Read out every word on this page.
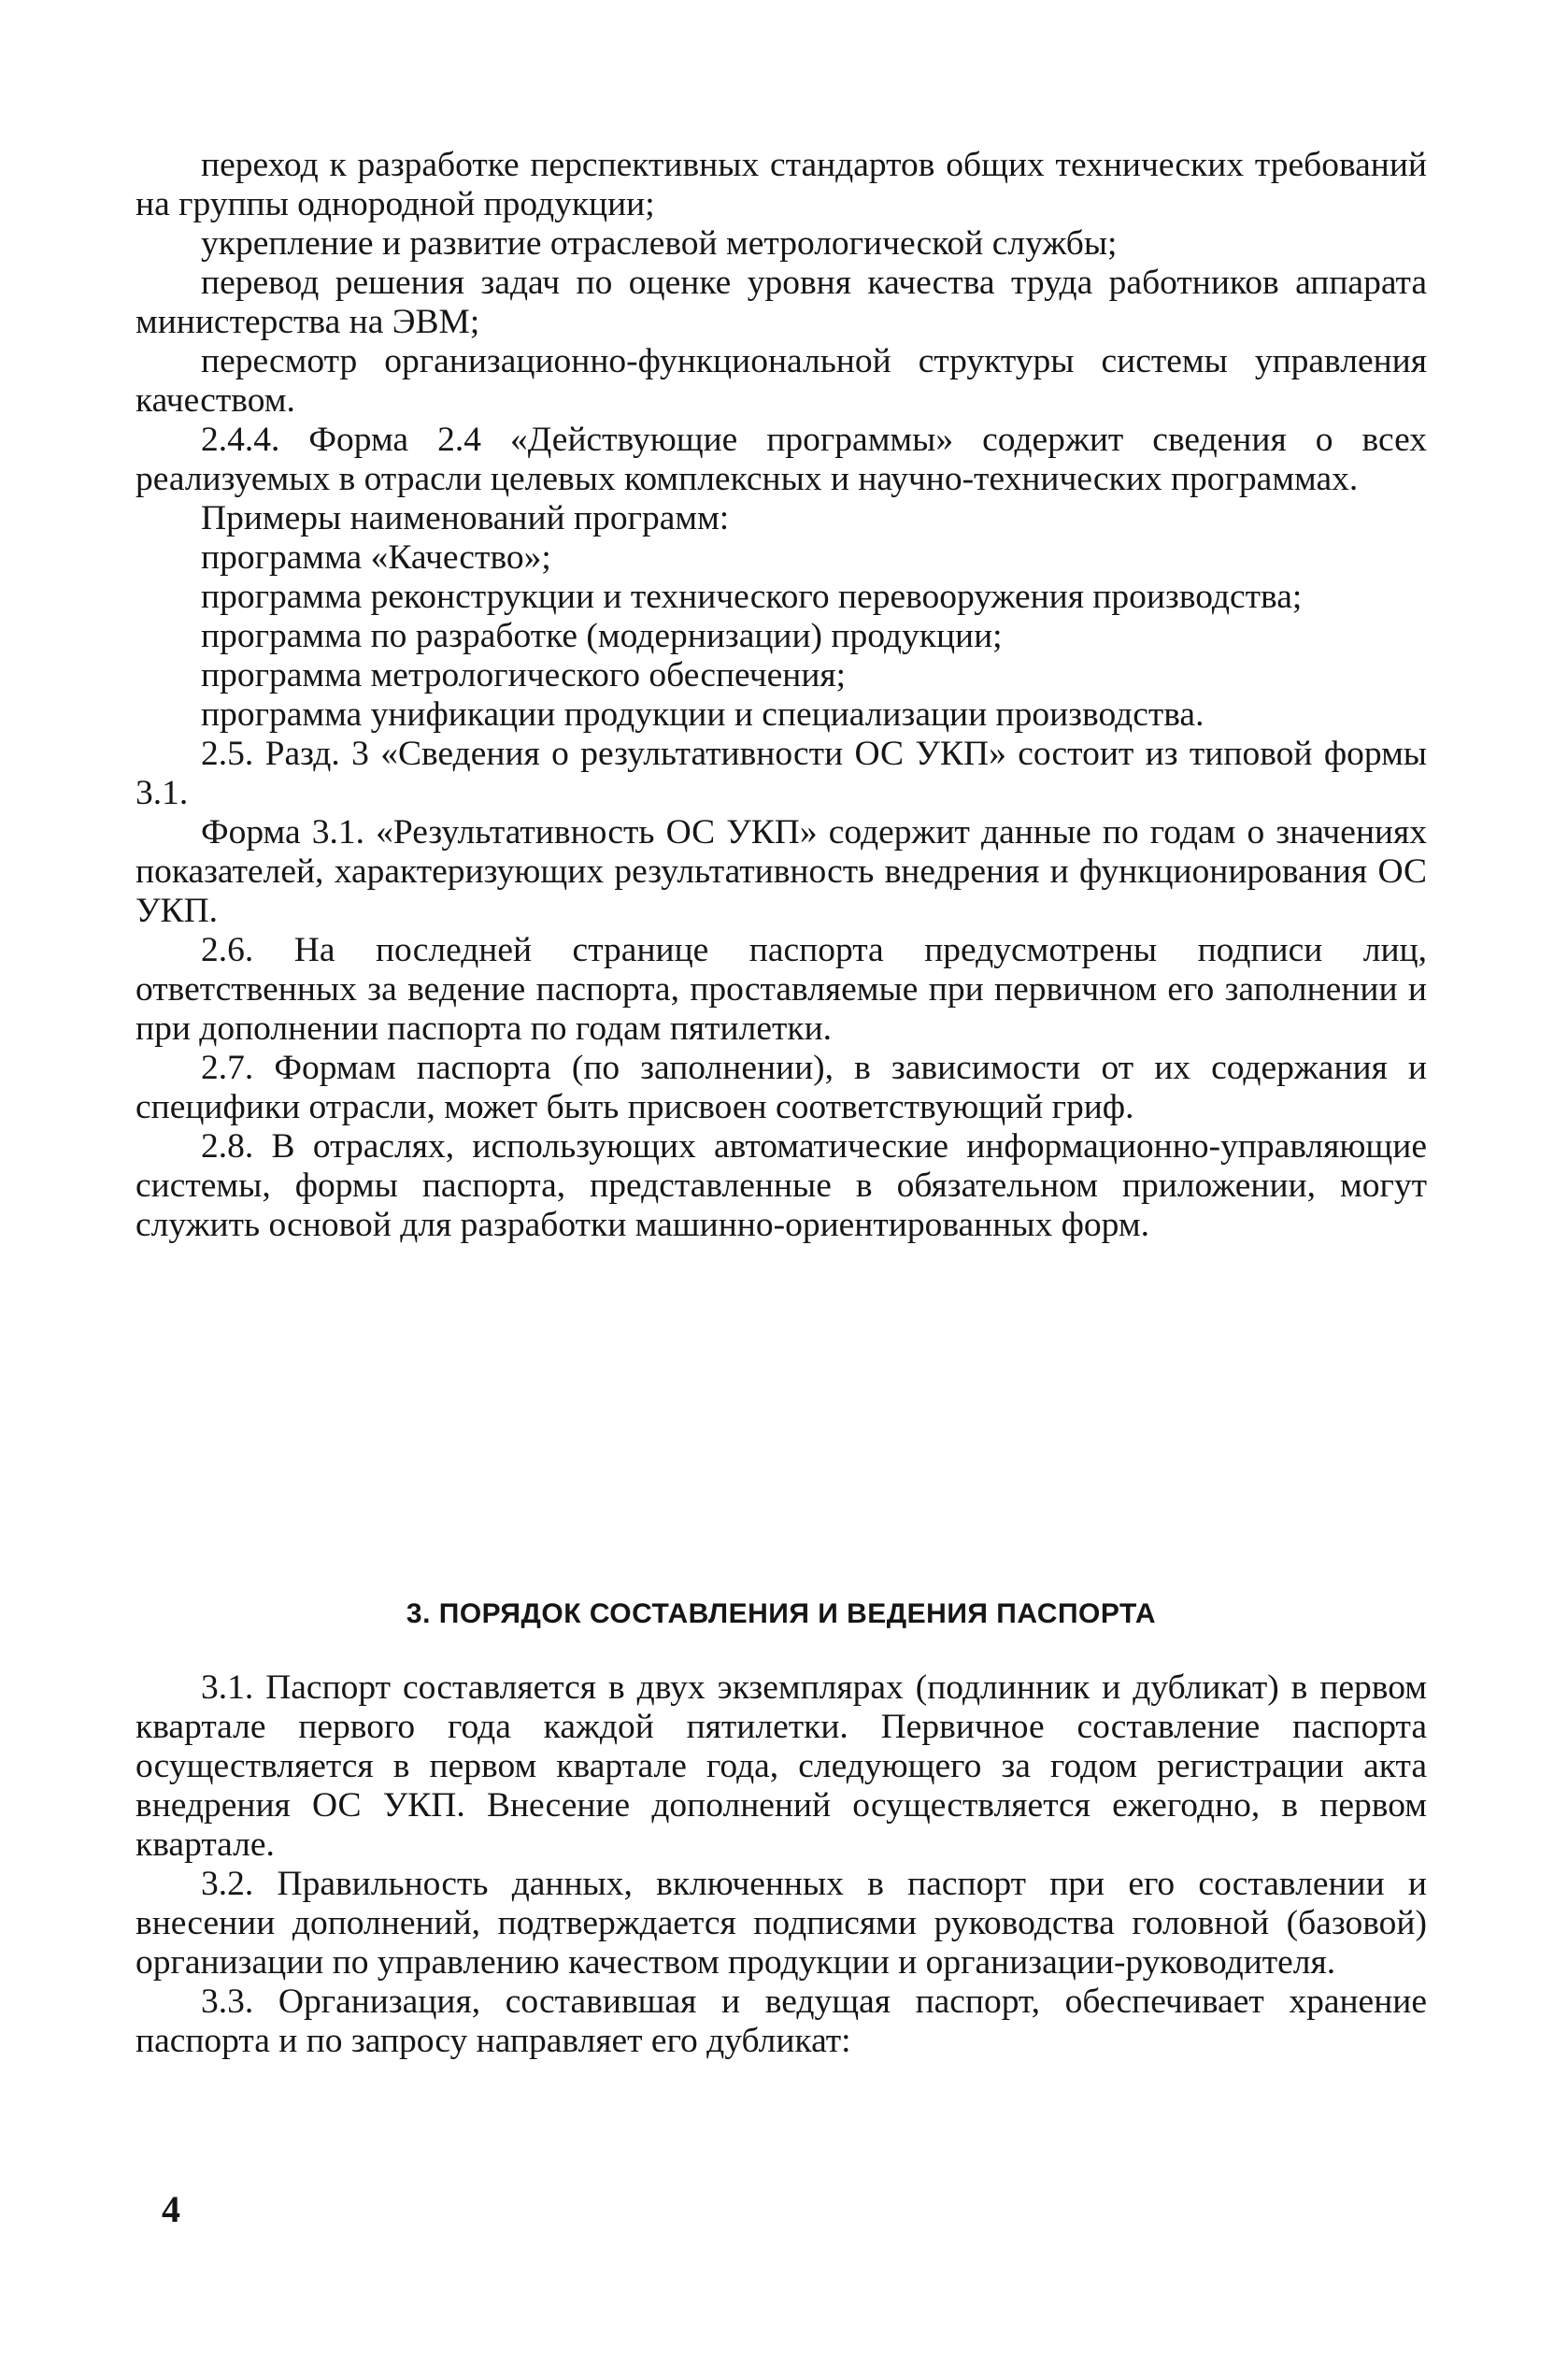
переход к разработке перспективных стандартов общих технических требований на группы однородной продукции;

укрепление и развитие отраслевой метрологической службы;

перевод решения задач по оценке уровня качества труда работников аппарата министерства на ЭВМ;

пересмотр организационно-функциональной структуры системы управления качеством.

2.4.4. Форма 2.4 «Действующие программы» содержит сведения о всех реализуемых в отрасли целевых комплексных и научно-технических программах.

Примеры наименований программ:

программа «Качество»;

программа реконструкции и технического перевооружения производства;

программа по разработке (модернизации) продукции;

программа метрологического обеспечения;

программа унификации продукции и специализации производства.

2.5. Разд. 3 «Сведения о результативности ОС УКП» состоит из типовой формы 3.1.

Форма 3.1. «Результативность ОС УКП» содержит данные по годам о значениях показателей, характеризующих результативность внедрения и функционирования ОС УКП.

2.6. На последней странице паспорта предусмотрены подписи лиц, ответственных за ведение паспорта, проставляемые при первичном его заполнении и при дополнении паспорта по годам пятилетки.

2.7. Формам паспорта (по заполнении), в зависимости от их содержания и специфики отрасли, может быть присвоен соответствующий гриф.

2.8. В отраслях, использующих автоматические информационно-управляющие системы, формы паспорта, представленные в обязательном приложении, могут служить основой для разработки машинно-ориентированных форм.

3. ПОРЯДОК СОСТАВЛЕНИЯ И ВЕДЕНИЯ ПАСПОРТА

3.1. Паспорт составляется в двух экземплярах (подлинник и дубликат) в первом квартале первого года каждой пятилетки. Первичное составление паспорта осуществляется в первом квартале года, следующего за годом регистрации акта внедрения ОС УКП. Внесение дополнений осуществляется ежегодно, в первом квартале.

3.2. Правильность данных, включенных в паспорт при его составлении и внесении дополнений, подтверждается подписями руководства головной (базовой) организации по управлению качеством продукции и организации-руководителя.

3.3. Организация, составившая и ведущая паспорт, обеспечивает хранение паспорта и по запросу направляет его дубликат:

4
